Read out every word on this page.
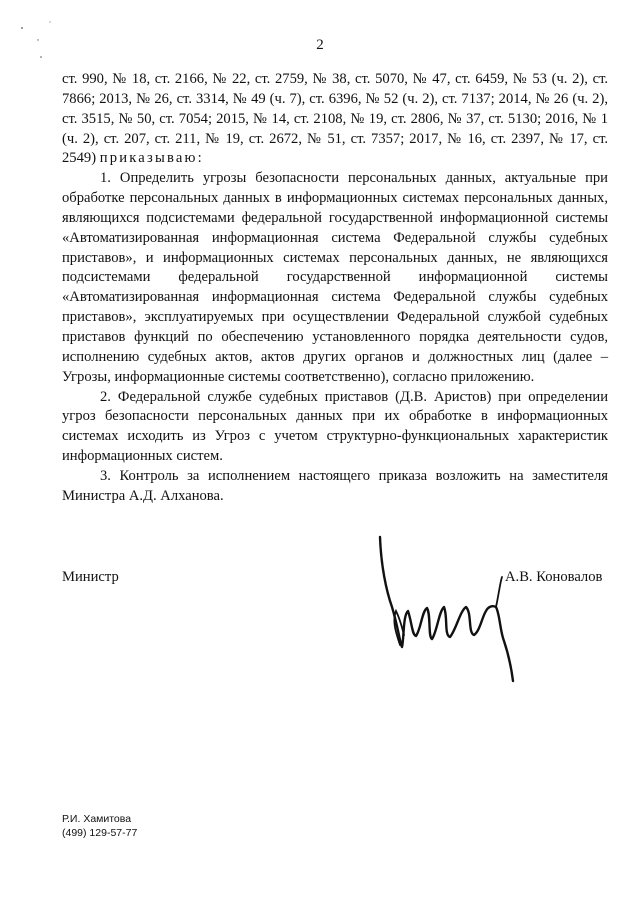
2

ст. 990, № 18, ст. 2166, № 22, ст. 2759, № 38, ст. 5070, № 47, ст. 6459, № 53 (ч. 2), ст. 7866; 2013, № 26, ст. 3314, № 49 (ч. 7), ст. 6396, № 52 (ч. 2), ст. 7137; 2014, № 26 (ч. 2), ст. 3515, № 50, ст. 7054; 2015, № 14, ст. 2108, № 19, ст. 2806, № 37, ст. 5130; 2016, № 1 (ч. 2), ст. 207, ст. 211, № 19, ст. 2672, № 51, ст. 7357; 2017, № 16, ст. 2397, № 17, ст. 2549) приказываю:

1. Определить угрозы безопасности персональных данных, актуальные при обработке персональных данных в информационных системах персональных данных, являющихся подсистемами федеральной государственной информационной системы «Автоматизированная информационная система Федеральной службы судебных приставов», и информационных системах персональных данных, не являющихся подсистемами федеральной государственной информационной системы «Автоматизированная информационная система Федеральной службы судебных приставов», эксплуатируемых при осуществлении Федеральной службой судебных приставов функций по обеспечению установленного порядка деятельности судов, исполнению судебных актов, актов других органов и должностных лиц (далее – Угрозы, информационные системы соответственно), согласно приложению.

2. Федеральной службе судебных приставов (Д.В. Аристов) при определении угроз безопасности персональных данных при их обработке в информационных системах исходить из Угроз с учетом структурно-функциональных характеристик информационных систем.

3. Контроль за исполнением настоящего приказа возложить на заместителя Министра А.Д. Алханова.

Министр	А.В. Коновалов
Р.И. Хамитова
(499) 129-57-77
